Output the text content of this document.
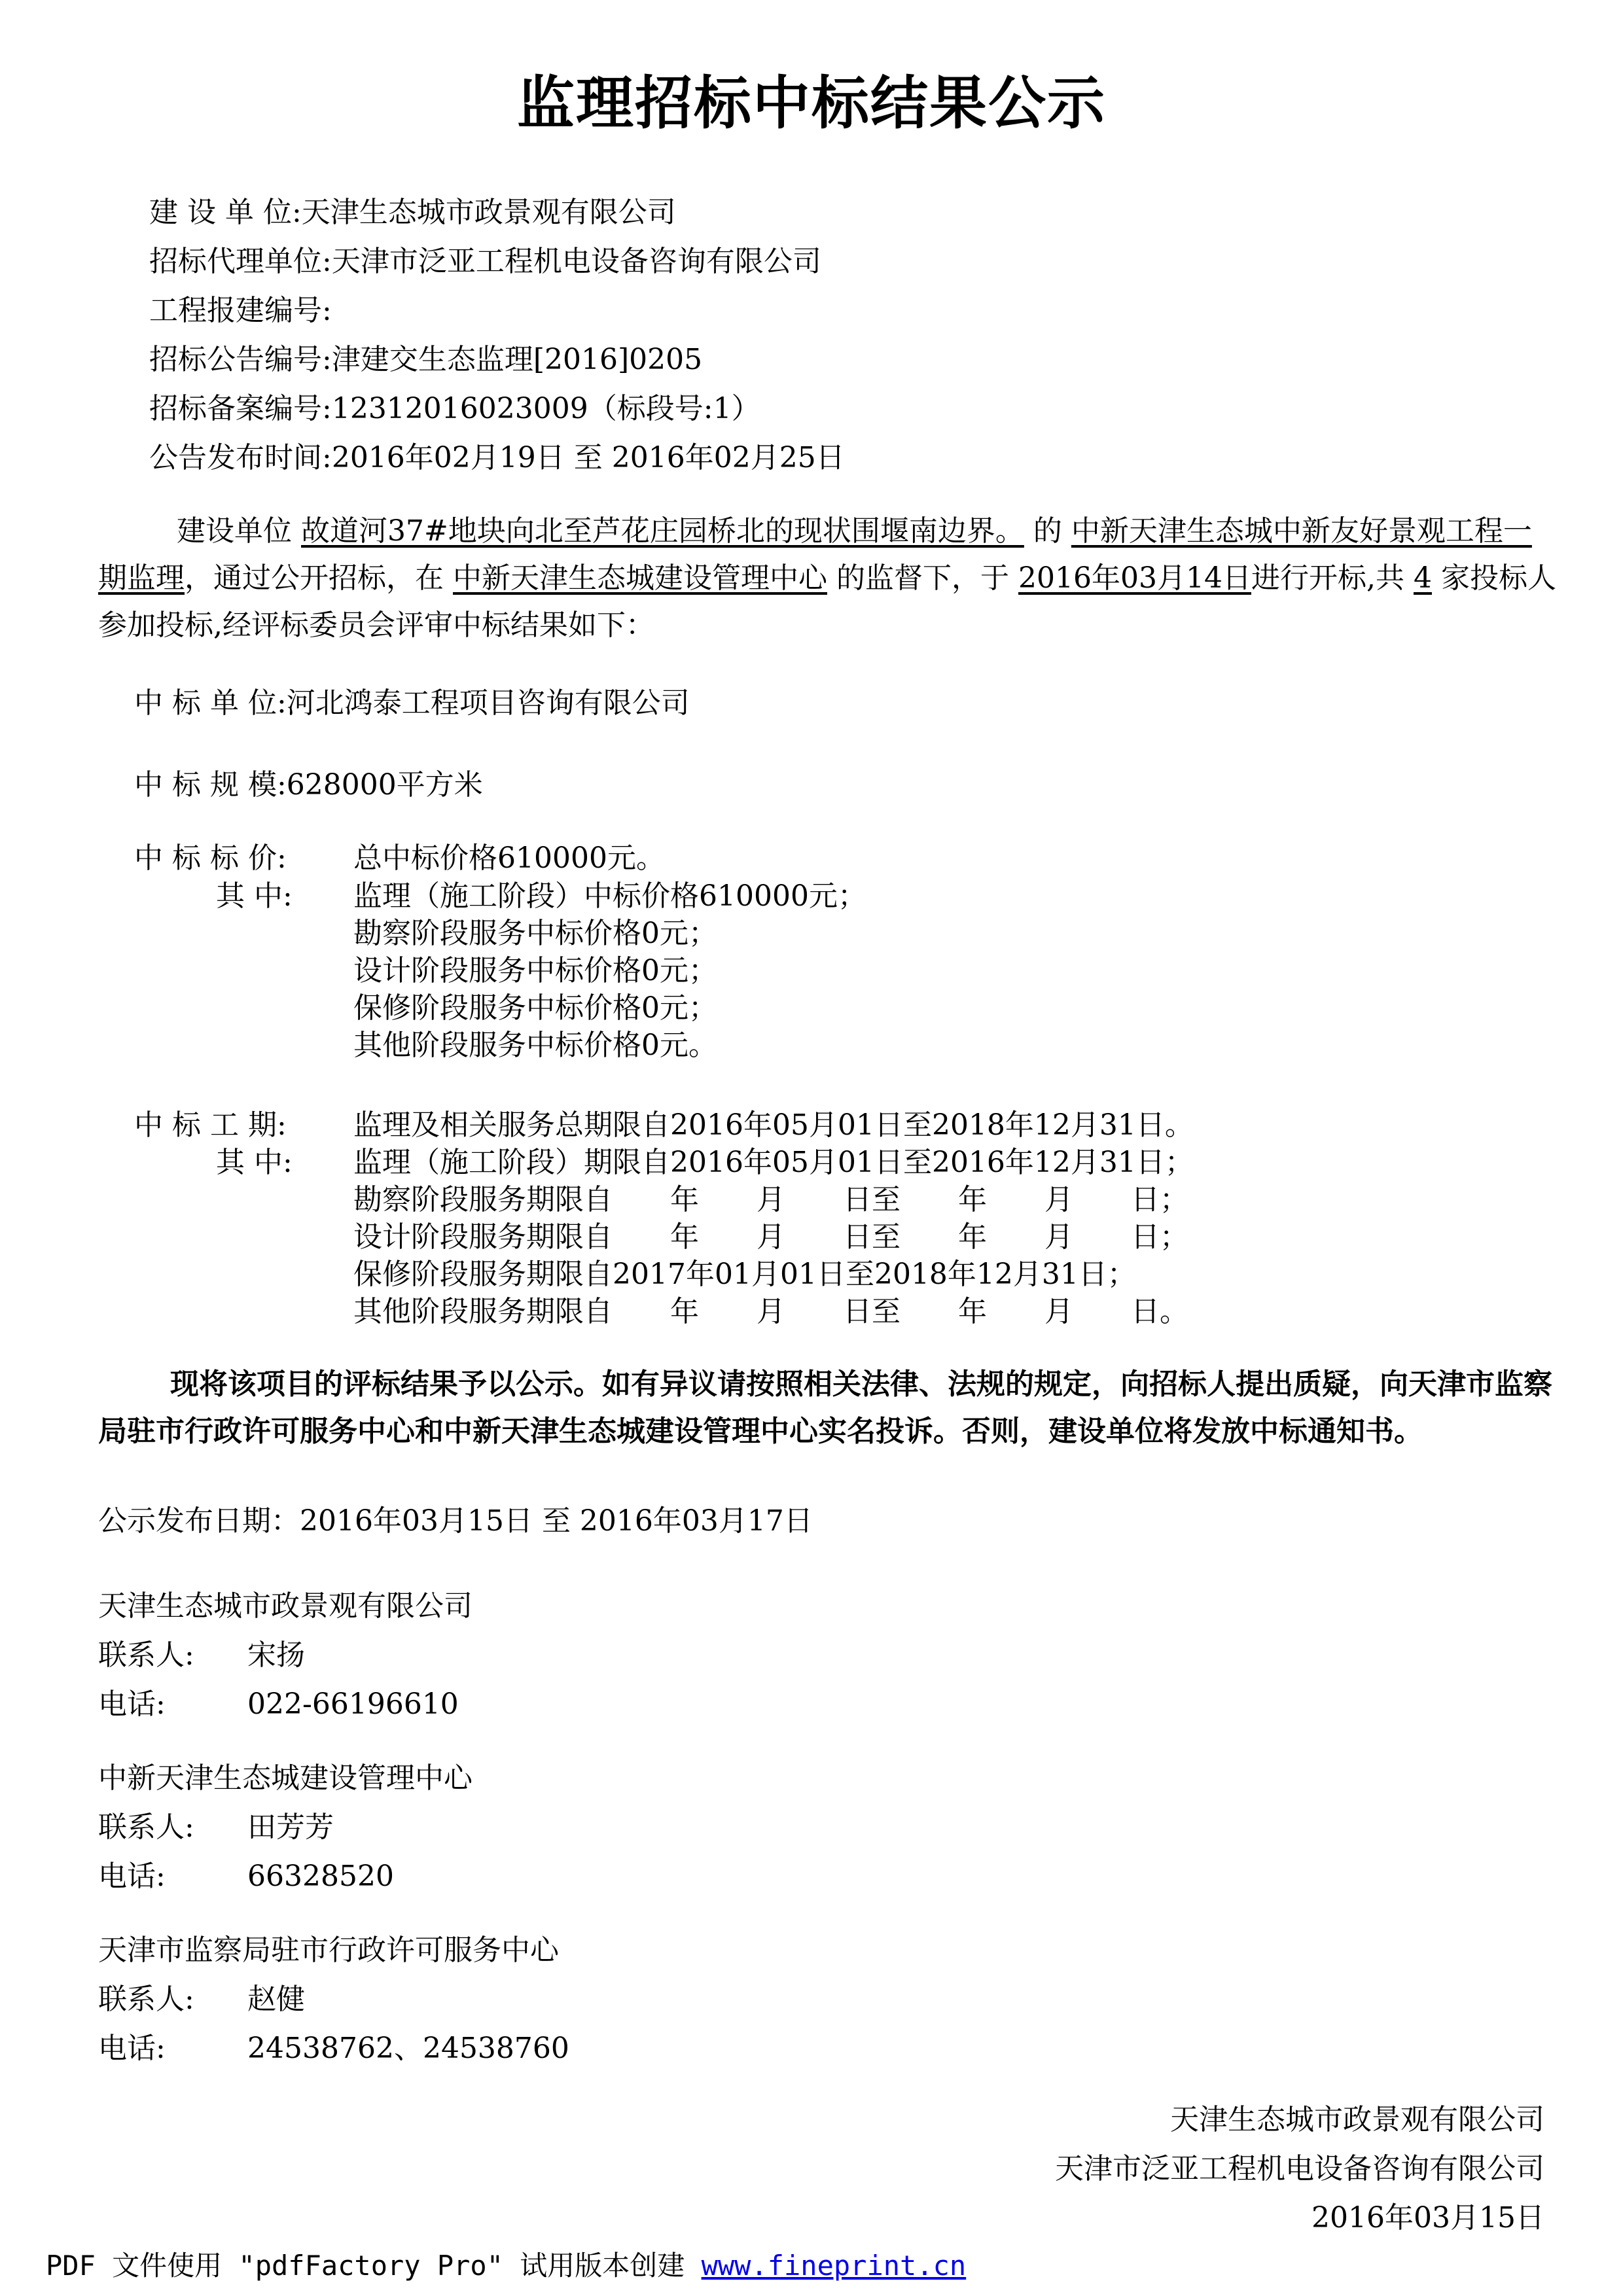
监理招标中标结果公示
建 设 单 位:天津生态城市政景观有限公司
招标代理单位:天津市泛亚工程机电设备咨询有限公司
工程报建编号:
招标公告编号:津建交生态监理[2016]0205
招标备案编号:12312016023009（标段号:1）
公告发布时间:2016年02月19日 至 2016年02月25日
建设单位 故道河37#地块向北至芦花庄园桥北的现状围堰南边界。 的 中新天津生态城中新友好景观工程一期监理，通过公开招标，在 中新天津生态城建设管理中心 的监督下，于 2016年03月14日进行开标,共 4 家投标人参加投标,经评标委员会评审中标结果如下：
中 标 单 位:河北鸿泰工程项目咨询有限公司
中 标 规 模:628000平方米
中 标 标 价: 总中标价格610000元。
其 中: 监理（施工阶段）中标价格610000元；
勘察阶段服务中标价格0元；
设计阶段服务中标价格0元；
保修阶段服务中标价格0元；
其他阶段服务中标价格0元。
中 标 工 期: 监理及相关服务总期限自2016年05月01日至2018年12月31日。
其 中: 监理（施工阶段）期限自2016年05月01日至2016年12月31日；
勘察阶段服务期限自　　年　　月　　日至　　年　　月　　日；
设计阶段服务期限自　　年　　月　　日至　　年　　月　　日；
保修阶段服务期限自2017年01月01日至2018年12月31日；
其他阶段服务期限自　　年　　月　　日至　　年　　月　　日。
现将该项目的评标结果予以公示。如有异议请按照相关法律、法规的规定，向招标人提出质疑，向天津市监察局驻市行政许可服务中心和中新天津生态城建设管理中心实名投诉。否则，建设单位将发放中标通知书。
公示发布日期：2016年03月15日 至 2016年03月17日
天津生态城市政景观有限公司
联系人: 宋扬
电话:	022-66196610
中新天津生态城建设管理中心
联系人: 田芳芳
电话:	66328520
天津市监察局驻市行政许可服务中心
联系人: 赵健
电话:	24538762、24538760
天津生态城市政景观有限公司
天津市泛亚工程机电设备咨询有限公司
2016年03月15日
PDF 文件使用 "pdfFactory Pro" 试用版本创建 www.fineprint.cn
